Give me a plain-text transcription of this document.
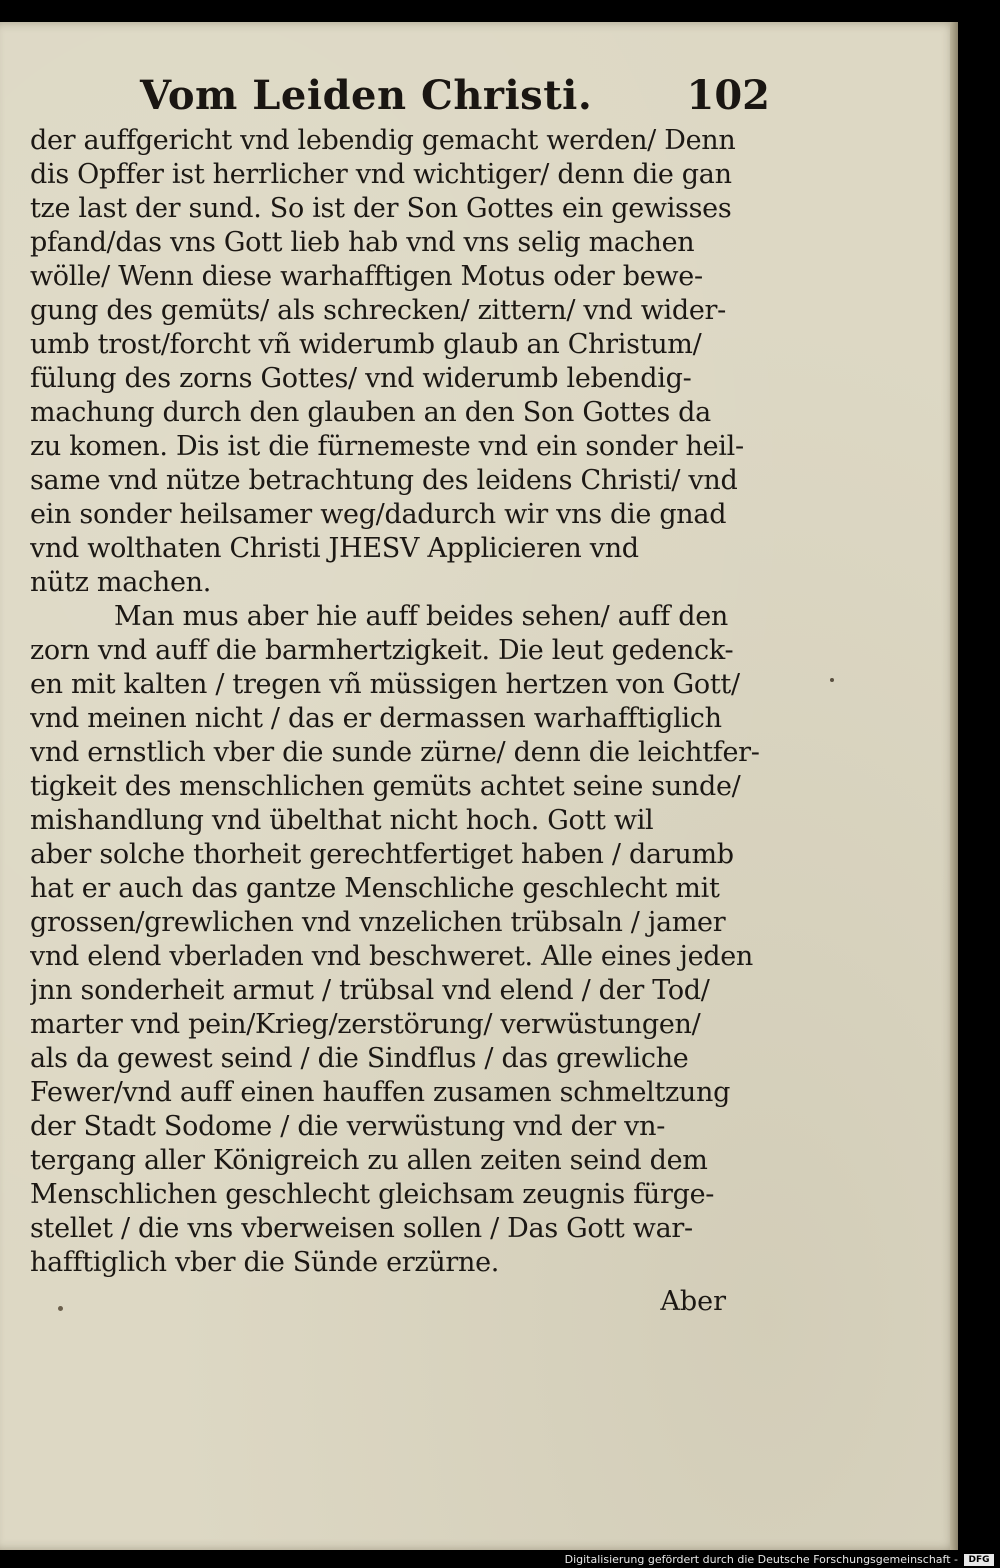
Vom Leiden Christi. 102
der auffgericht vnd lebendig gemacht werden/ Denn
dis Opffer ist herrlicher vnd wichtiger/ denn die gan
tze last der sund. So ist der Son Gottes ein gewisses
pfand/das vns Gott lieb hab vnd vns selig machen
wölle/ Wenn diese warhafftigen Motus oder bewe-
gung des gemüts/ als schrecken/ zittern/ vnd wider-
umb trost/forcht vñ widerumb glaub an Christum/
fülung des zorns Gottes/ vnd widerumb lebendig-
machung durch den glauben an den Son Gottes da
zu komen. Dis ist die fürnemeste vnd ein sonder heil-
same vnd nütze betrachtung des leidens Christi/ vnd
ein sonder heilsamer weg/dadurch wir vns die gnad
vnd wolthaten Christi JHESV Applicieren vnd
nütz machen.
Man mus aber hie auff beides sehen/ auff den
zorn vnd auff die barmhertzigkeit. Die leut gedenck-
en mit kalten / tregen vñ müssigen hertzen von Gott/
vnd meinen nicht / das er dermassen warhafftiglich
vnd ernstlich vber die sunde zürne/ denn die leichtfer-
tigkeit des menschlichen gemüts achtet seine sunde/
mishandlung vnd übelthat nicht hoch. Gott wil
aber solche thorheit gerechtfertiget haben / darumb
hat er auch das gantze Menschliche geschlecht mit
grossen/grewlichen vnd vnzelichen trübsaln / jamer
vnd elend vberladen vnd beschweret. Alle eines jeden
jnn sonderheit armut / trübsal vnd elend / der Tod/
marter vnd pein/Krieg/zerstörung/ verwüstungen/
als da gewest seind / die Sindflus / das grewliche
Fewer/vnd auff einen hauffen zusamen schmeltzung
der Stadt Sodome / die verwüstung vnd der vn-
tergang aller Königreich zu allen zeiten seind dem
Menschlichen geschlecht gleichsam zeugnis fürge-
stellet / die vns vberweisen sollen / Das Gott war-
hafftiglich vber die Sünde erzürne.
Aber
Digitalisierung gefördert durch die Deutsche Forschungsgemeinschaft -	DFG
